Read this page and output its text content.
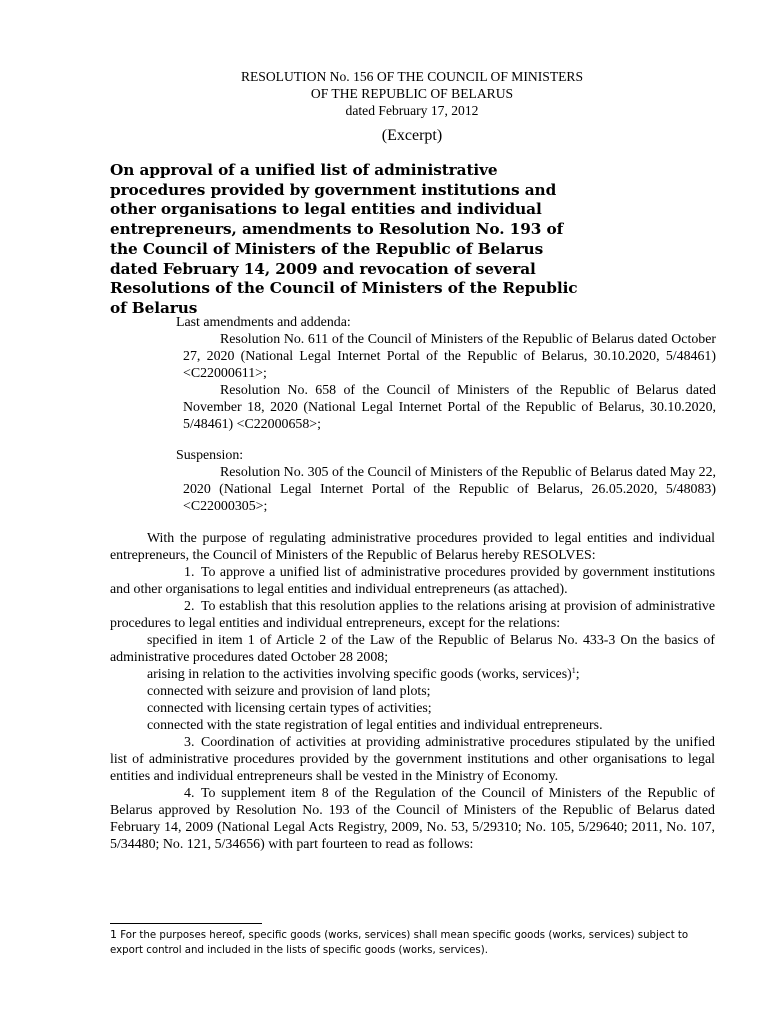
RESOLUTION No. 156 OF THE COUNCIL OF MINISTERS
OF THE REPUBLIC OF BELARUS
dated February 17, 2012
(Excerpt)
On approval of a unified list of administrative procedures provided by government institutions and other organisations to legal entities and individual entrepreneurs, amendments to Resolution No. 193 of the Council of Ministers of the Republic of Belarus dated February 14, 2009 and revocation of several Resolutions of the Council of Ministers of the Republic of Belarus

Last amendments and addenda:

Resolution No. 611 of the Council of Ministers of the Republic of Belarus dated October 27, 2020 (National Legal Internet Portal of the Republic of Belarus, 30.10.2020, 5/48461) <C22000611>;

Resolution No. 658 of the Council of Ministers of the Republic of Belarus dated November 18, 2020 (National Legal Internet Portal of the Republic of Belarus, 30.10.2020, 5/48461) <C22000658>;

Suspension:

Resolution No. 305 of the Council of Ministers of the Republic of Belarus dated May 22, 2020 (National Legal Internet Portal of the Republic of Belarus, 26.05.2020, 5/48083) <C22000305>;

With the purpose of regulating administrative procedures provided to legal entities and individual entrepreneurs, the Council of Ministers of the Republic of Belarus hereby RESOLVES:

1. To approve a unified list of administrative procedures provided by government institutions and other organisations to legal entities and individual entrepreneurs (as attached).

2. To establish that this resolution applies to the relations arising at provision of administrative procedures to legal entities and individual entrepreneurs, except for the relations:

specified in item 1 of Article 2 of the Law of the Republic of Belarus No. 433-3 On the basics of administrative procedures dated October 28 2008;

arising in relation to the activities involving specific goods (works, services)$^1$;

connected with seizure and provision of land plots;

connected with licensing certain types of activities;

connected with the state registration of legal entities and individual entrepreneurs.

3. Coordination of activities at providing administrative procedures stipulated by the unified list of administrative procedures provided by the government institutions and other organisations to legal entities and individual entrepreneurs shall be vested in the Ministry of Economy.

4. To supplement item 8 of the Regulation of the Council of Ministers of the Republic of Belarus approved by Resolution No. 193 of the Council of Ministers of the Republic of Belarus dated February 14, 2009 (National Legal Acts Registry, 2009, No. 53, 5/29310; No. 105, 5/29640; 2011, No. 107, 5/34480; No. 121, 5/34656) with part fourteen to read as follows:

1 For the purposes hereof, specific goods (works, services) shall mean specific goods (works, services) subject to export control and included in the lists of specific goods (works, services).
